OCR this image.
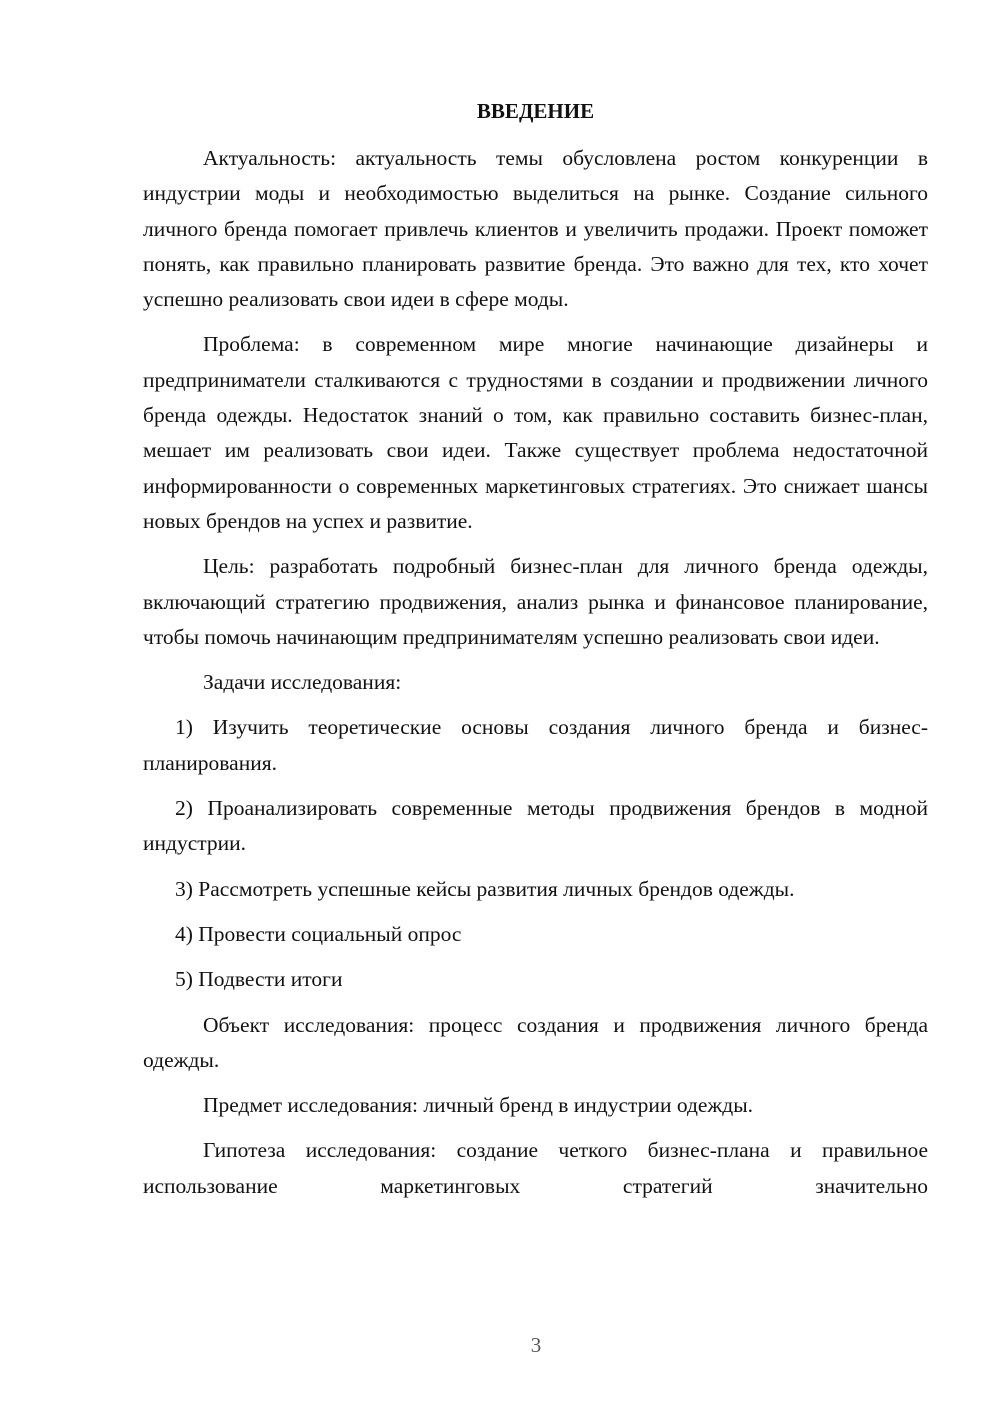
ВВЕДЕНИЕ

Актуальность: актуальность темы обусловлена ростом конкуренции в индустрии моды и необходимостью выделиться на рынке. Создание сильного личного бренда помогает привлечь клиентов и увеличить продажи. Проект поможет понять, как правильно планировать развитие бренда. Это важно для тех, кто хочет успешно реализовать свои идеи в сфере моды.

Проблема: в современном мире многие начинающие дизайнеры и предприниматели сталкиваются с трудностями в создании и продвижении личного бренда одежды. Недостаток знаний о том, как правильно составить бизнес-план, мешает им реализовать свои идеи. Также существует проблема недостаточной информированности о современных маркетинговых стратегиях. Это снижает шансы новых брендов на успех и развитие.

Цель: разработать подробный бизнес-план для личного бренда одежды, включающий стратегию продвижения, анализ рынка и финансовое планирование, чтобы помочь начинающим предпринимателям успешно реализовать свои идеи.

Задачи исследования:

1) Изучить теоретические основы создания личного бренда и бизнес-планирования.

2) Проанализировать современные методы продвижения брендов в модной индустрии.

3) Рассмотреть успешные кейсы развития личных брендов одежды.

4) Провести социальный опрос

5) Подвести итоги

Объект исследования: процесс создания и продвижения личного бренда одежды.

Предмет исследования: личный бренд в индустрии одежды.

Гипотеза исследования: создание четкого бизнес-плана и правильное использование маркетинговых стратегий значительно

3
